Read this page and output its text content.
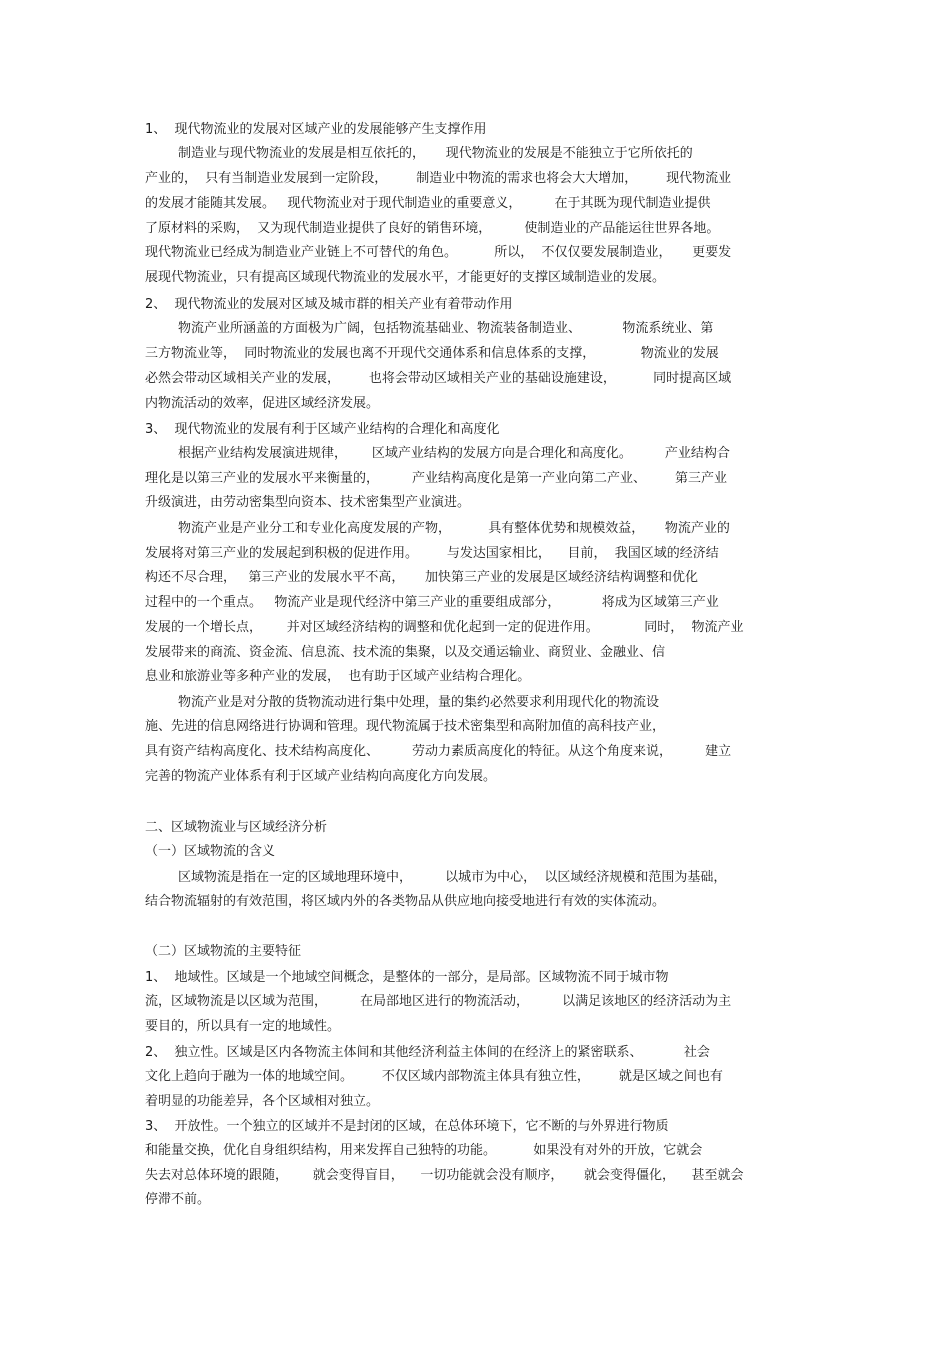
1、  现代物流业的发展对区域产业的发展能够产生支撑作用
制造业与现代物流业的发展是相互依托的，     现代物流业的发展是不能独立于它所依托的
产业的，  只有当制造业发展到一定阶段，       制造业中物流的需求也将会大大增加，       现代物流业
的发展才能随其发展。   现代物流业对于现代制造业的重要意义，        在于其既为现代制造业提供
了原材料的采购，  又为现代制造业提供了良好的销售环境，        使制造业的产品能运往世界各地。
现代物流业已经成为制造业产业链上不可替代的角色。         所以，  不仅仅要发展制造业，     更要发
展现代物流业，只有提高区域现代物流业的发展水平，才能更好的支撑区域制造业的发展。
2、  现代物流业的发展对区域及城市群的相关产业有着带动作用
物流产业所涵盖的方面极为广阔，包括物流基础业、物流装备制造业、          物流系统业、第
三方物流业等，  同时物流业的发展也离不开现代交通体系和信息体系的支撑，           物流业的发展
必然会带动区域相关产业的发展，       也将会带动区域相关产业的基础设施建设，         同时提高区域
内物流活动的效率，促进区域经济发展。
3、  现代物流业的发展有利于区域产业结构的合理化和高度化
根据产业结构发展演进规律，      区域产业结构的发展方向是合理化和高度化。        产业结构合
理化是以第三产业的发展水平来衡量的，        产业结构高度化是第一产业向第二产业、       第三产业
升级演进，由劳动密集型向资本、技术密集型产业演进。
物流产业是产业分工和专业化高度发展的产物，         具有整体优势和规模效益，     物流产业的
发展将对第三产业的发展起到积极的促进作用。       与发达国家相比，    目前，  我国区域的经济结
构还不尽合理，   第三产业的发展水平不高，     加快第三产业的发展是区域经济结构调整和优化
过程中的一个重点。   物流产业是现代经济中第三产业的重要组成部分，          将成为区域第三产业
发展的一个增长点，      并对区域经济结构的调整和优化起到一定的促进作用。           同时，  物流产业
发展带来的商流、资金流、信息流、技术流的集聚，以及交通运输业、商贸业、金融业、信
息业和旅游业等多种产业的发展，  也有助于区域产业结构合理化。
物流产业是对分散的货物流动进行集中处理，量的集约必然要求利用现代化的物流设
施、先进的信息网络进行协调和管理。现代物流属于技术密集型和高附加值的高科技产业，
具有资产结构高度化、技术结构高度化、        劳动力素质高度化的特征。从这个角度来说，        建立
完善的物流产业体系有利于区域产业结构向高度化方向发展。
二、区域物流业与区域经济分析
（一）区域物流的含义
区域物流是指在一定的区域地理环境中，        以城市为中心，  以区域经济规模和范围为基础，
结合物流辐射的有效范围，将区域内外的各类物品从供应地向接受地进行有效的实体流动。
（二）区域物流的主要特征
1、  地域性。区域是一个地域空间概念，是整体的一部分，是局部。区域物流不同于城市物
流，区域物流是以区域为范围，        在局部地区进行的物流活动，        以满足该地区的经济活动为主
要目的，所以具有一定的地域性。
2、  独立性。区域是区内各物流主体间和其他经济利益主体间的在经济上的紧密联系、          社会
文化上趋向于融为一体的地域空间。       不仅区域内部物流主体具有独立性，       就是区域之间也有
着明显的功能差异，各个区域相对独立。
3、  开放性。一个独立的区域并不是封闭的区域，在总体环境下，它不断的与外界进行物质
和能量交换，优化自身组织结构，用来发挥自己独特的功能。         如果没有对外的开放，它就会
失去对总体环境的跟随，      就会变得盲目，    一切功能就会没有顺序，     就会变得僵化，    甚至就会
停滞不前。
